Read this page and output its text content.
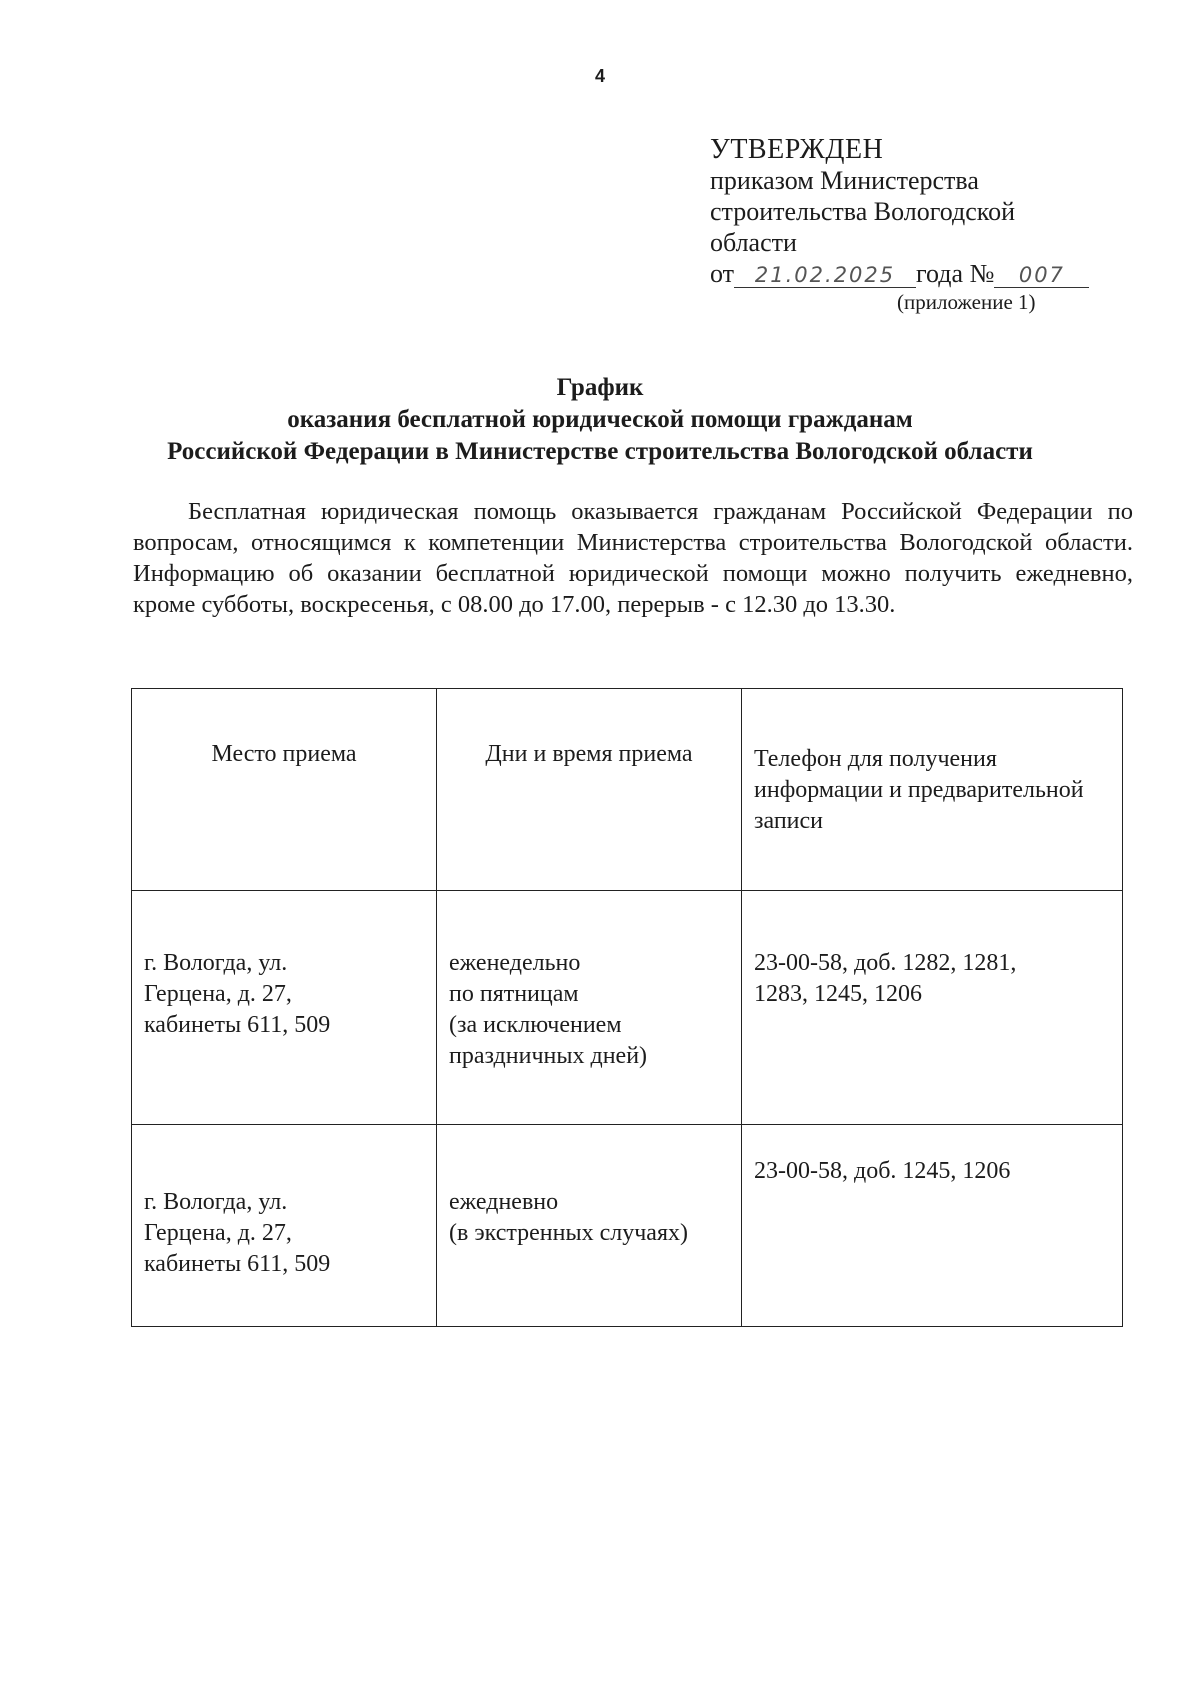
4
УТВЕРЖДЕН
приказом Министерства
строительства Вологодской
области
от 21.02.2025 года № 007
(приложение 1)
График
оказания бесплатной юридической помощи гражданам
Российской Федерации в Министерстве строительства Вологодской области
Бесплатная юридическая помощь оказывается гражданам Российской Федерации по вопросам, относящимся к компетенции Министерства строительства Вологодской области. Информацию об оказании бесплатной юридической помощи можно получить ежедневно, кроме субботы, воскресенья, с 08.00 до 17.00, перерыв - с 12.30 до 13.30.
Место приема	Дни и время приема	Телефон для получения информации и предварительной записи

г. Вологда, ул.
Герцена, д. 27,
кабинеты 611, 509	еженедельно
по пятницам
(за исключением
праздничных дней)	23-00-58, доб. 1282, 1281,
1283, 1245, 1206

г. Вологда, ул.
Герцена, д. 27,
кабинеты 611, 509	ежедневно
(в экстренных случаях)	23-00-58, доб. 1245, 1206
